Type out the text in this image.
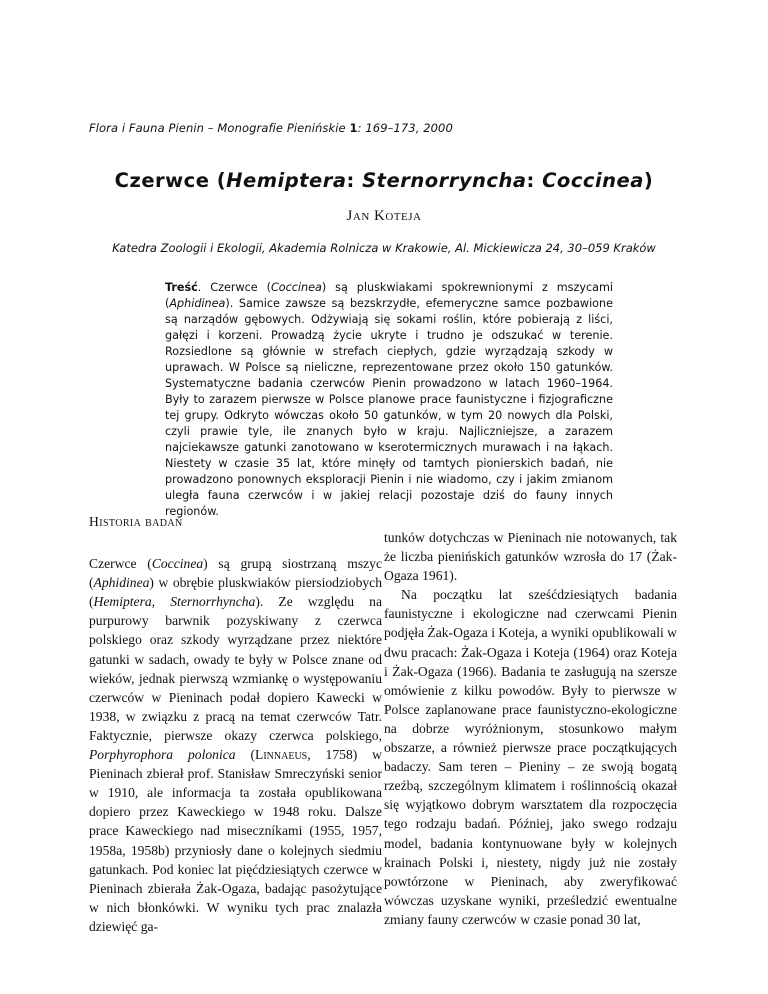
Flora i Fauna Pienin – Monografie Pienińskie 1: 169–173, 2000
Czerwce (Hemiptera: Sternorryncha: Coccinea)
Jan Koteja
Katedra Zoologii i Ekologii, Akademia Rolnicza w Krakowie, Al. Mickiewicza 24, 30–059 Kraków
Treść. Czerwce (Coccinea) są pluskwiakami spokrewnionymi z mszycami (Aphidinea). Samice zawsze są bezskrzydłe, efemeryczne samce pozbawione są narządów gębowych. Odżywiają się sokami roślin, które pobierają z liści, gałęzi i korzeni. Prowadzą życie ukryte i trudno je odszukać w terenie. Rozsiedlone są głównie w strefach ciepłych, gdzie wyrządzają szkody w uprawach. W Polsce są nieliczne, reprezentowane przez około 150 gatunków. Systematyczne badania czerwców Pienin prowadzono w latach 1960–1964. Były to zarazem pierwsze w Polsce planowe prace faunistyczne i fizjograficzne tej grupy. Odkryto wówczas około 50 gatunków, w tym 20 nowych dla Polski, czyli prawie tyle, ile znanych było w kraju. Najliczniejsze, a zarazem najciekawsze gatunki zanotowano w kserotermicznych murawach i na łąkach. Niestety w czasie 35 lat, które minęły od tamtych pionierskich badań, nie prowadzono ponownych eksploracji Pienin i nie wiadomo, czy i jakim zmianom uległa fauna czerwców i w jakiej relacji pozostaje dziś do fauny innych regionów.
Historia badań

Czerwce (Coccinea) są grupą siostrzaną mszyc (Aphidinea) w obrębie pluskwiaków piersiodziobych (Hemiptera, Sternorrhyncha). Ze względu na purpurowy barwnik pozyskiwany z czerwca polskiego oraz szkody wyrządzane przez niektóre gatunki w sadach, owady te były w Polsce znane od wieków, jednak pierwszą wzmiankę o występowaniu czerwców w Pieninach podał dopiero Kawecki w 1938, w związku z pracą na temat czerwców Tatr. Faktycznie, pierwsze okazy czerwca polskiego, Porphyrophora polonica (Linnaeus, 1758) w Pieninach zbierał prof. Stanisław Smreczyński senior w 1910, ale informacja ta została opublikowana dopiero przez Kaweckiego w 1948 roku. Dalsze prace Kaweckiego nad miseczníkami (1955, 1957, 1958a, 1958b) przyniosły dane o kolejnych siedmiu gatunkach. Pod koniec lat pięćdziesiątych czerwce w Pieninach zbierała Żak-Ogaza, badając pasożytujące w nich błonkówki. W wyniku tych prac znalazła dziewięć ga-

tunków dotychczas w Pieninach nie notowanych, tak że liczba pienińskich gatunków wzrosła do 17 (Żak-Ogaza 1961).

Na początku lat sześćdziesiątych badania faunistyczne i ekologiczne nad czerwcami Pienin podjęła Żak-Ogaza i Koteja, a wyniki opublikowali w dwu pracach: Żak-Ogaza i Koteja (1964) oraz Koteja i Żak-Ogaza (1966). Badania te zasługują na szersze omówienie z kilku powodów. Były to pierwsze w Polsce zaplanowane prace faunistyczno-ekologiczne na dobrze wyróżnionym, stosunkowo małym obszarze, a również pierwsze prace początkujących badaczy. Sam teren – Pieniny – ze swoją bogatą rzeźbą, szczególnym klimatem i roślinnością okazał się wyjątkowo dobrym warsztatem dla rozpoczęcia tego rodzaju badań. Później, jako swego rodzaju model, badania kontynuowane były w kolejnych krainach Polski i, niestety, nigdy już nie zostały powtórzone w Pieninach, aby zweryfikować wówczas uzyskane wyniki, prześledzić ewentualne zmiany fauny czerwców w czasie ponad 30 lat,
